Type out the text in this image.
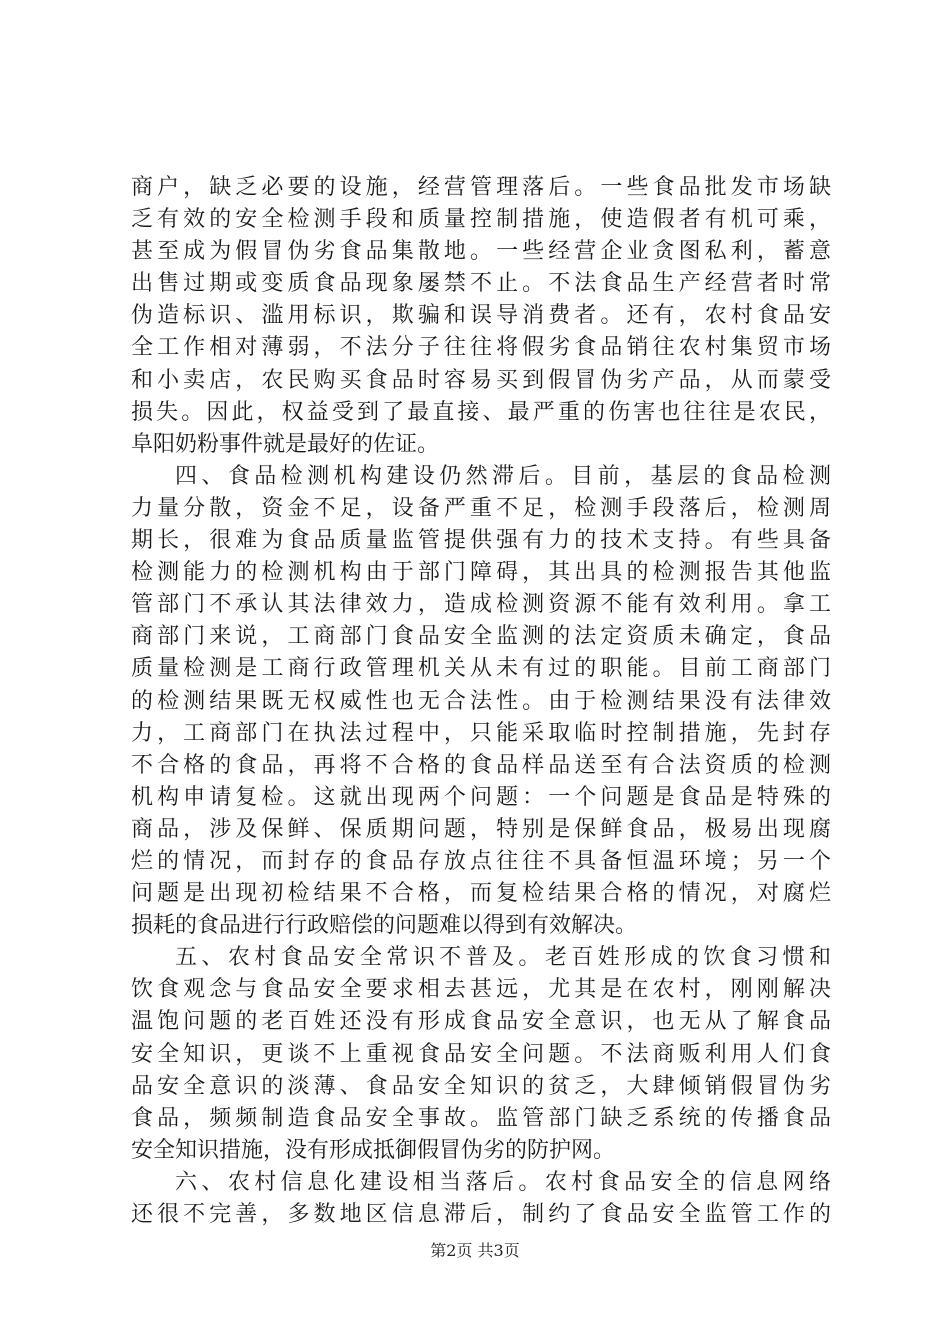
商户，缺乏必要的设施，经营管理落后。一些食品批发市场缺
乏有效的安全检测手段和质量控制措施，使造假者有机可乘，
甚至成为假冒伪劣食品集散地。一些经营企业贪图私利，蓄意
出售过期或变质食品现象屡禁不止。不法食品生产经营者时常
伪造标识、滥用标识，欺骗和误导消费者。还有，农村食品安
全工作相对薄弱，不法分子往往将假劣食品销往农村集贸市场
和小卖店，农民购买食品时容易买到假冒伪劣产品，从而蒙受
损失。因此，权益受到了最直接、最严重的伤害也往往是农民，
阜阳奶粉事件就是最好的佐证。
四、食品检测机构建设仍然滞后。目前，基层的食品检测
力量分散，资金不足，设备严重不足，检测手段落后，检测周
期长，很难为食品质量监管提供强有力的技术支持。有些具备
检测能力的检测机构由于部门障碍，其出具的检测报告其他监
管部门不承认其法律效力，造成检测资源不能有效利用。拿工
商部门来说，工商部门食品安全监测的法定资质未确定，食品
质量检测是工商行政管理机关从未有过的职能。目前工商部门
的检测结果既无权威性也无合法性。由于检测结果没有法律效
力，工商部门在执法过程中，只能采取临时控制措施，先封存
不合格的食品，再将不合格的食品样品送至有合法资质的检测
机构申请复检。这就出现两个问题：一个问题是食品是特殊的
商品，涉及保鲜、保质期问题，特别是保鲜食品，极易出现腐
烂的情况，而封存的食品存放点往往不具备恒温环境；另一个
问题是出现初检结果不合格，而复检结果合格的情况，对腐烂
损耗的食品进行行政赔偿的问题难以得到有效解决。
五、农村食品安全常识不普及。老百姓形成的饮食习惯和
饮食观念与食品安全要求相去甚远，尤其是在农村，刚刚解决
温饱问题的老百姓还没有形成食品安全意识，也无从了解食品
安全知识，更谈不上重视食品安全问题。不法商贩利用人们食
品安全意识的淡薄、食品安全知识的贫乏，大肆倾销假冒伪劣
食品，频频制造食品安全事故。监管部门缺乏系统的传播食品
安全知识措施，没有形成抵御假冒伪劣的防护网。
六、农村信息化建设相当落后。农村食品安全的信息网络
还很不完善，多数地区信息滞后，制约了食品安全监管工作的
第2页 共3页
